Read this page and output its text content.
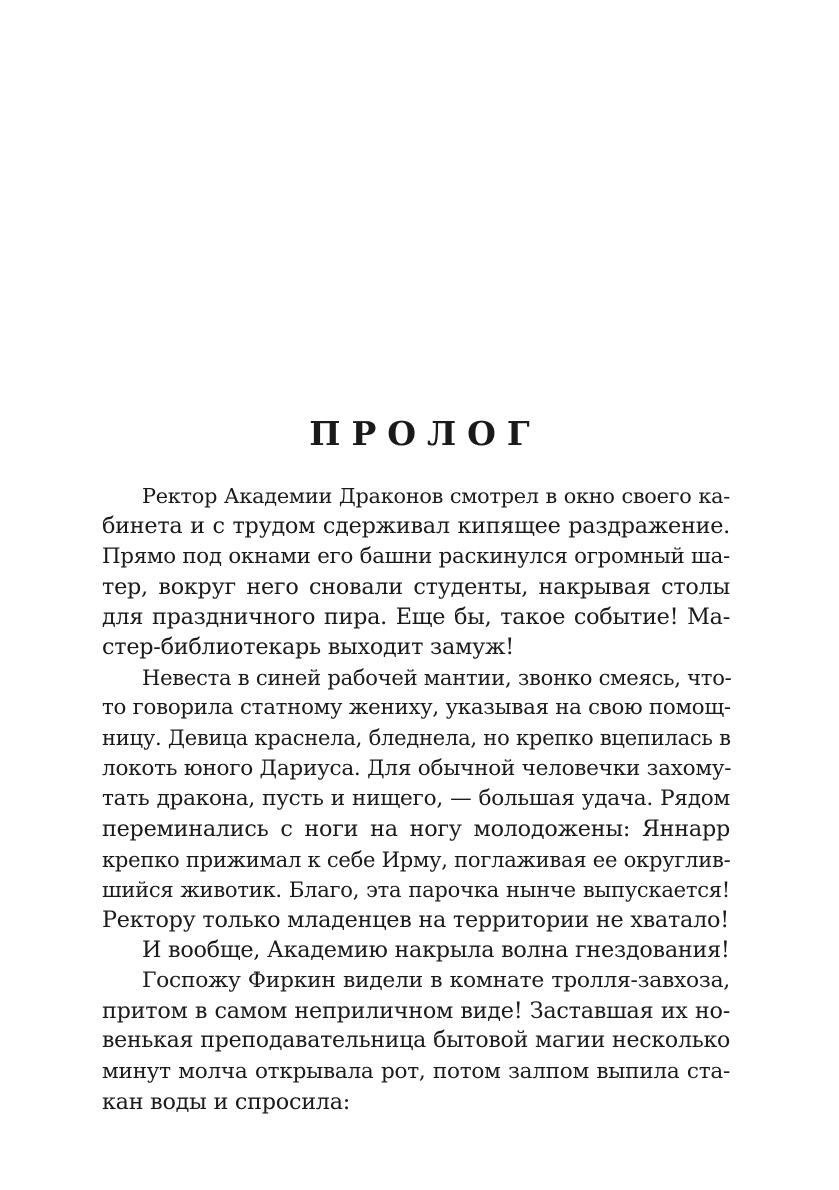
ПРОЛОГ
Ректор Академии Драконов смотрел в окно своего ка-
бинета и с трудом сдерживал кипящее раздражение.
Прямо под окнами его башни раскинулся огромный ша-
тер, вокруг него сновали студенты, накрывая столы
для праздничного пира. Еще бы, такое событие! Ма-
стер-библиотекарь выходит замуж!
Невеста в синей рабочей мантии, звонко смеясь, что-
то говорила статному жениху, указывая на свою помощ-
ницу. Девица краснела, бледнела, но крепко вцепилась в
локоть юного Дариуса. Для обычной человечки захому-
тать дракона, пусть и нищего, — большая удача. Рядом
переминались с ноги на ногу молодожены: Яннарр
крепко прижимал к себе Ирму, поглаживая ее округлив-
шийся животик. Благо, эта парочка нынче выпускается!
Ректору только младенцев на территории не хватало!
И вообще, Академию накрыла волна гнездования!
Госпожу Фиркин видели в комнате тролля-завхоза,
притом в самом неприличном виде! Заставшая их но-
венькая преподавательница бытовой магии несколько
минут молча открывала рот, потом залпом выпила ста-
кан воды и спросила:
